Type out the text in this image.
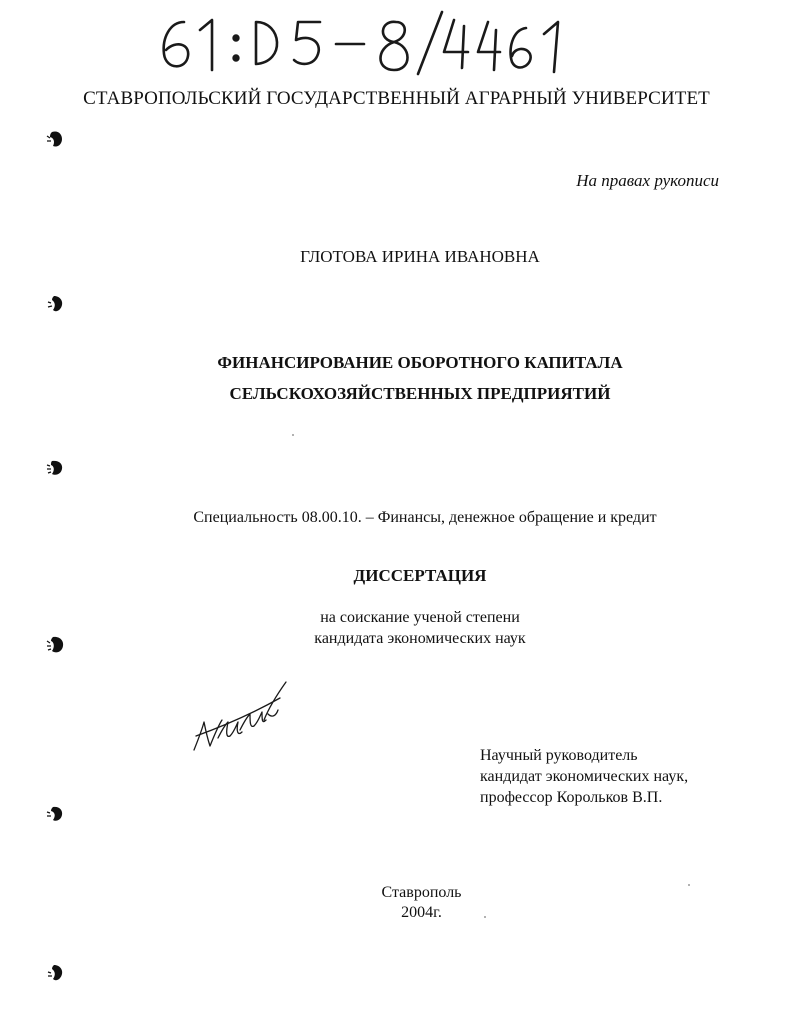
СТАВРОПОЛЬСКИЙ ГОСУДАРСТВЕННЫЙ АГРАРНЫЙ УНИВЕРСИТЕТ
На правах рукописи
ГЛОТОВА ИРИНА ИВАНОВНА
ФИНАНСИРОВАНИЕ ОБОРОТНОГО КАПИТАЛА
СЕЛЬСКОХОЗЯЙСТВЕННЫХ ПРЕДПРИЯТИЙ
Специальность 08.00.10. – Финансы, денежное обращение и кредит
ДИССЕРТАЦИЯ
на соискание ученой степени
кандидата экономических наук
Научный руководитель
кандидат экономических наук,
профессор Корольков В.П.
Ставрополь
2004г.
